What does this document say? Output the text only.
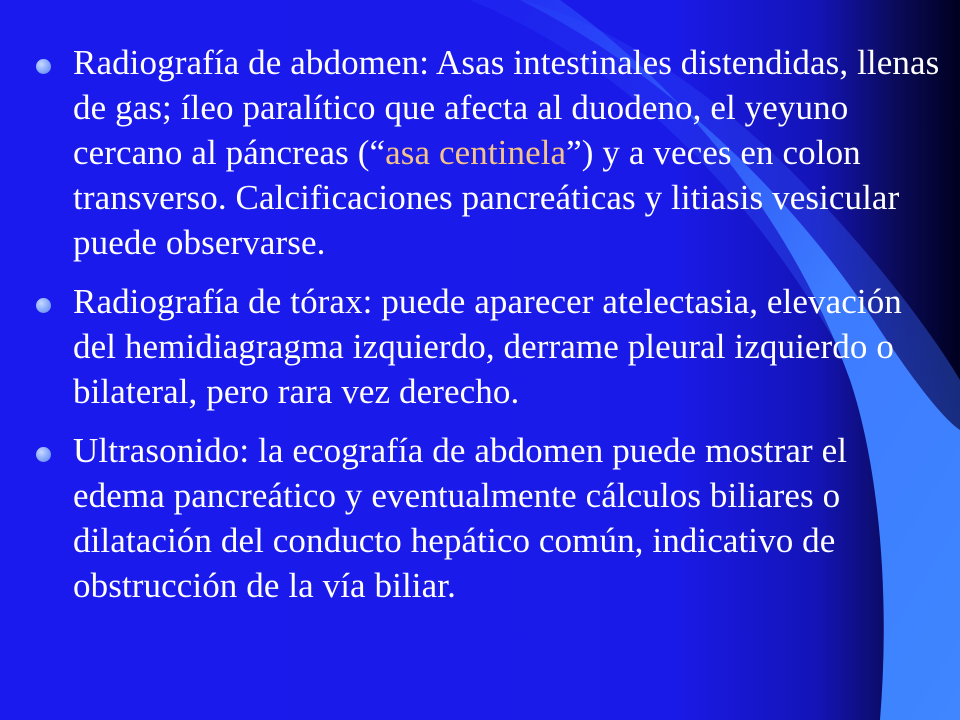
Radiografía de abdomen: Asas intestinales distendidas, llenas de gas; íleo paralítico que afecta al duodeno, el yeyuno cercano al páncreas (“asa centinela”) y a veces en colon transverso. Calcificaciones pancreáticas y litiasis vesicular puede observarse.
Radiografía de tórax: puede aparecer atelectasia, elevación del hemidiagragma izquierdo, derrame pleural izquierdo o bilateral, pero rara vez derecho.
Ultrasonido: la ecografía de abdomen puede mostrar el edema pancreático y eventualmente cálculos biliares o dilatación del conducto hepático común, indicativo de obstrucción de la vía biliar.
